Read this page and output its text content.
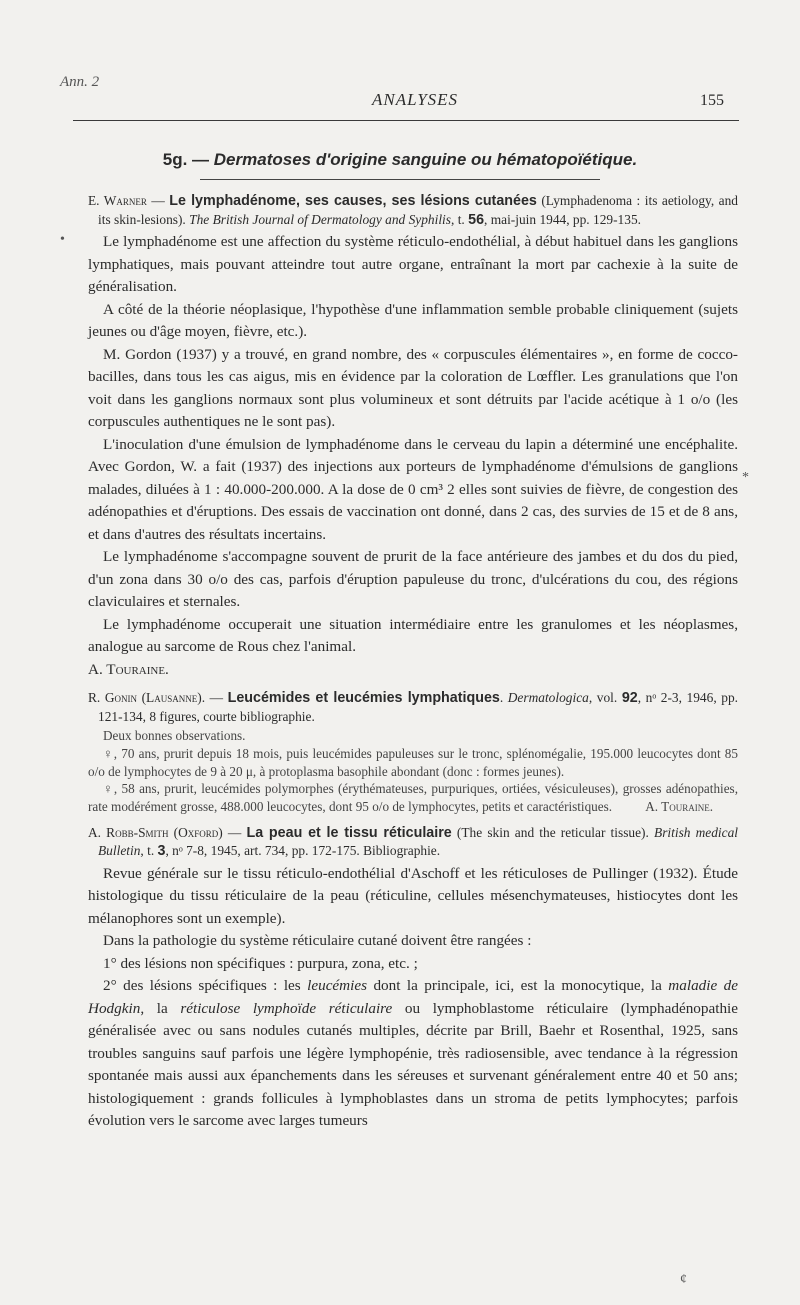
Ann. 2
ANALYSES	155
5g. — Dermatoses d'origine sanguine ou hématopoïétique.
•
*
¢

E. Warner — Le lymphadénome, ses causes, ses lésions cutanées (Lymphadenoma : its aetiology, and its skin-lesions). The British Journal of Dermatology and Syphilis, t. 56, mai-juin 1944, pp. 129-135.

Le lymphadénome est une affection du système réticulo-endothélial, à début habituel dans les ganglions lymphatiques, mais pouvant atteindre tout autre organe, entraînant la mort par cachexie à la suite de généralisation.

A côté de la théorie néoplasique, l'hypothèse d'une inflammation semble probable cliniquement (sujets jeunes ou d'âge moyen, fièvre, etc.).

M. Gordon (1937) y a trouvé, en grand nombre, des « corpuscules élémentaires », en forme de cocco-bacilles, dans tous les cas aigus, mis en évidence par la coloration de Lœffler. Les granulations que l'on voit dans les ganglions normaux sont plus volumineux et sont détruits par l'acide acétique à 1 o/o (les corpuscules authentiques ne le sont pas).

L'inoculation d'une émulsion de lymphadénome dans le cerveau du lapin a déterminé une encéphalite. Avec Gordon, W. a fait (1937) des injections aux porteurs de lymphadénome d'émulsions de ganglions malades, diluées à 1 : 40.000-200.000. A la dose de 0 cm³ 2 elles sont suivies de fièvre, de congestion des adénopathies et d'éruptions. Des essais de vaccination ont donné, dans 2 cas, des survies de 15 et de 8 ans, et dans d'autres des résultats incertains.

Le lymphadénome s'accompagne souvent de prurit de la face antérieure des jambes et du dos du pied, d'un zona dans 30 o/o des cas, parfois d'éruption papuleuse du tronc, d'ulcérations du cou, des régions claviculaires et sternales.

Le lymphadénome occuperait une situation intermédiaire entre les granulomes et les néoplasmes, analogue au sarcome de Rous chez l'animal.

A. Touraine.

R. Gonin (Lausanne). — Leucémides et leucémies lymphatiques. Dermatologica, vol. 92, nᵒ 2-3, 1946, pp. 121-134, 8 figures, courte bibliographie.

Deux bonnes observations.

♀, 70 ans, prurit depuis 18 mois, puis leucémides papuleuses sur le tronc, splénomégalie, 195.000 leucocytes dont 85 o/o de lymphocytes de 9 à 20 μ, à protoplasma basophile abondant (donc : formes jeunes).

♀, 58 ans, prurit, leucémides polymorphes (érythémateuses, purpuriques, ortiées, vésiculeuses), grosses adénopathies, rate modérément grosse, 488.000 leucocytes, dont 95 o/o de lymphocytes, petits et caractéristiques.	A. Touraine.

A. Robb-Smith (Oxford) — La peau et le tissu réticulaire (The skin and the reticular tissue). British medical Bulletin, t. 3, nᵒ 7-8, 1945, art. 734, pp. 172-175. Bibliographie.

Revue générale sur le tissu réticulo-endothélial d'Aschoff et les réticuloses de Pullinger (1932). Étude histologique du tissu réticulaire de la peau (réticuline, cellules mésenchymateuses, histiocytes dont les mélanophores sont un exemple).

Dans la pathologie du système réticulaire cutané doivent être rangées :

1° des lésions non spécifiques : purpura, zona, etc. ;

2° des lésions spécifiques : les leucémies dont la principale, ici, est la monocytique, la maladie de Hodgkin, la réticulose lymphoïde réticulaire ou lymphoblastome réticulaire (lymphadénopathie généralisée avec ou sans nodules cutanés multiples, décrite par Brill, Baehr et Rosenthal, 1925, sans troubles sanguins sauf parfois une légère lymphopénie, très radiosensible, avec tendance à la régression spontanée mais aussi aux épanchements dans les séreuses et survenant généralement entre 40 et 50 ans; histologiquement : grands follicules à lymphoblastes dans un stroma de petits lymphocytes; parfois évolution vers le sarcome avec larges tumeurs
